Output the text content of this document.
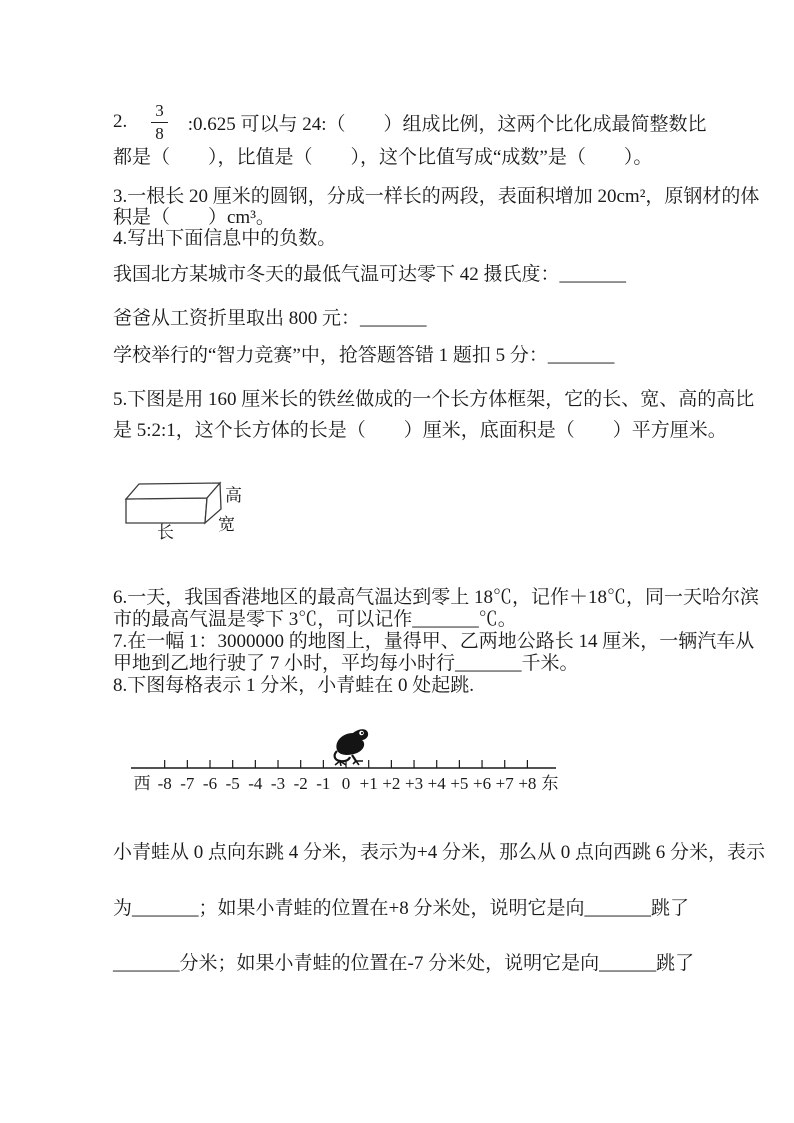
2. $\frac{3}{8}$ :0.625 可以与 24:（        ）组成比例，这两个比化成最简整数比
都是（        ），比值是（        ），这个比值写成“成数”是（        ）。
3.一根长 20 厘米的圆钢，分成一样长的两段，表面积增加 20cm²，原钢材的体
积是（        ）cm³。
4.写出下面信息中的负数。
我国北方某城市冬天的最低气温可达零下 42 摄氏度：_______
爸爸从工资折里取出 800 元：_______
学校举行的“智力竞赛”中，抢答题答错 1 题扣 5 分：_______
5.下图是用 160 厘米长的铁丝做成的一个长方体框架，它的长、宽、高的高比
是 5:2:1，这个长方体的长是（        ）厘米，底面积是（        ）平方厘米。
高
宽
长
6.一天，我国香港地区的最高气温达到零上 18℃，记作＋18℃，同一天哈尔滨
市的最高气温是零下 3℃，可以记作_______℃。
7.在一幅 1：3000000 的地图上，量得甲、乙两地公路长 14 厘米，一辆汽车从
甲地到乙地行驶了 7 小时，平均每小时行_______千米。
8.下图每格表示 1 分米，小青蛙在 0 处起跳.
西 -8 -7 -6 -5 -4 -3 -2 -1 0 +1 +2 +3 +4 +5 +6 +7 +8 东
小青蛙从 0 点向东跳 4 分米，表示为+4 分米，那么从 0 点向西跳 6 分米，表示
为_______；如果小青蛙的位置在+8 分米处，说明它是向_______跳了
_______分米；如果小青蛙的位置在-7 分米处，说明它是向______跳了
